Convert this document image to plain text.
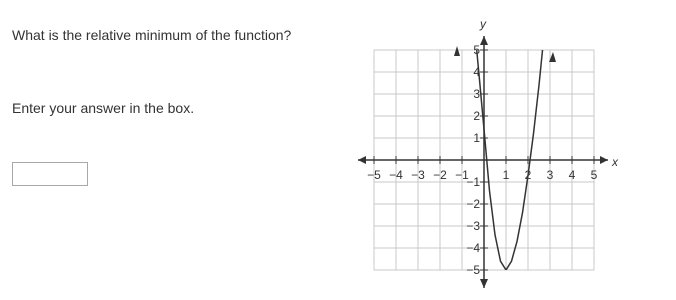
What is the relative minimum of the function?
Enter your answer in the box.
x
y
−5 −4 −3 −2 −1	1 2 3 4 5
5
4
3
2
1
−1
−2
−3
−4
−5
